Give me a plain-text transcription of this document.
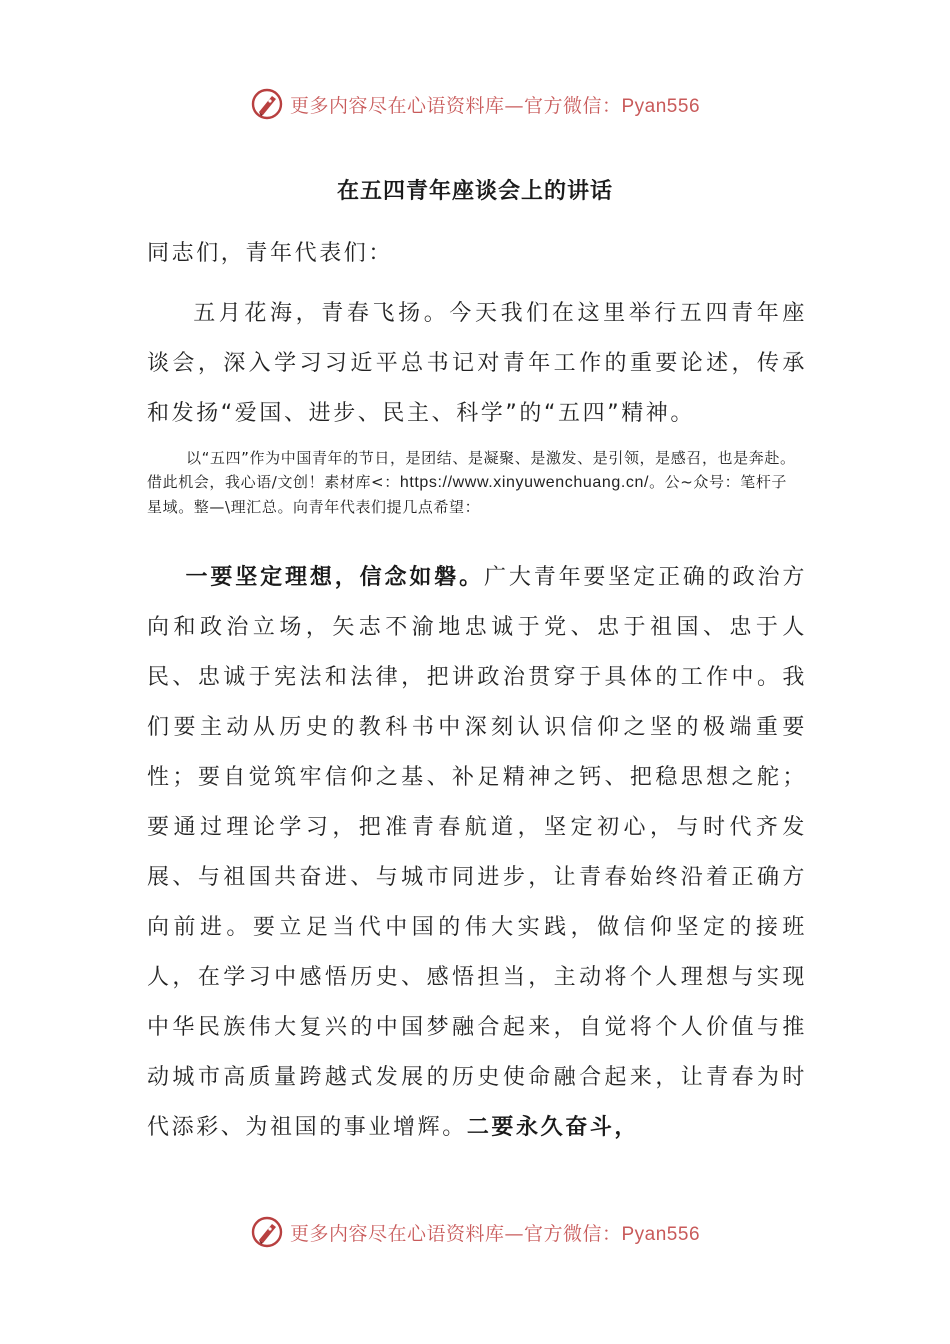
更多内容尽在心语资料库—官方微信：Pyan556
在五四青年座谈会上的讲话
同志们，青年代表们：

五月花海，青春飞扬。今天我们在这里举行五四青年座谈会，深入学习习近平总书记对青年工作的重要论述，传承和发扬“爱国、进步、民主、科学”的“五四”精神。

以“五四”作为中国青年的节日，是团结、是凝聚、是激发、是引领，是感召，也是奔赴。借此机会，我心语/文创！素材库<：https://www.xinyuwenchuang.cn/。公~众号：笔杆子星域。整—\理汇总。向青年代表们提几点希望：

一要坚定理想，信念如磐。广大青年要坚定正确的政治方向和政治立场，矢志不渝地忠诚于党、忠于祖国、忠于人民、忠诚于宪法和法律，把讲政治贯穿于具体的工作中。我们要主动从历史的教科书中深刻认识信仰之坚的极端重要性；要自觉筑牢信仰之基、补足精神之钙、把稳思想之舵；要通过理论学习，把准青春航道，坚定初心，与时代齐发展、与祖国共奋进、与城市同进步，让青春始终沿着正确方向前进。要立足当代中国的伟大实践，做信仰坚定的接班人，在学习中感悟历史、感悟担当，主动将个人理想与实现中华民族伟大复兴的中国梦融合起来，自觉将个人价值与推动城市高质量跨越式发展的历史使命融合起来，让青春为时代添彩、为祖国的事业增辉。二要永久奋斗，

更多内容尽在心语资料库—官方微信：Pyan556
